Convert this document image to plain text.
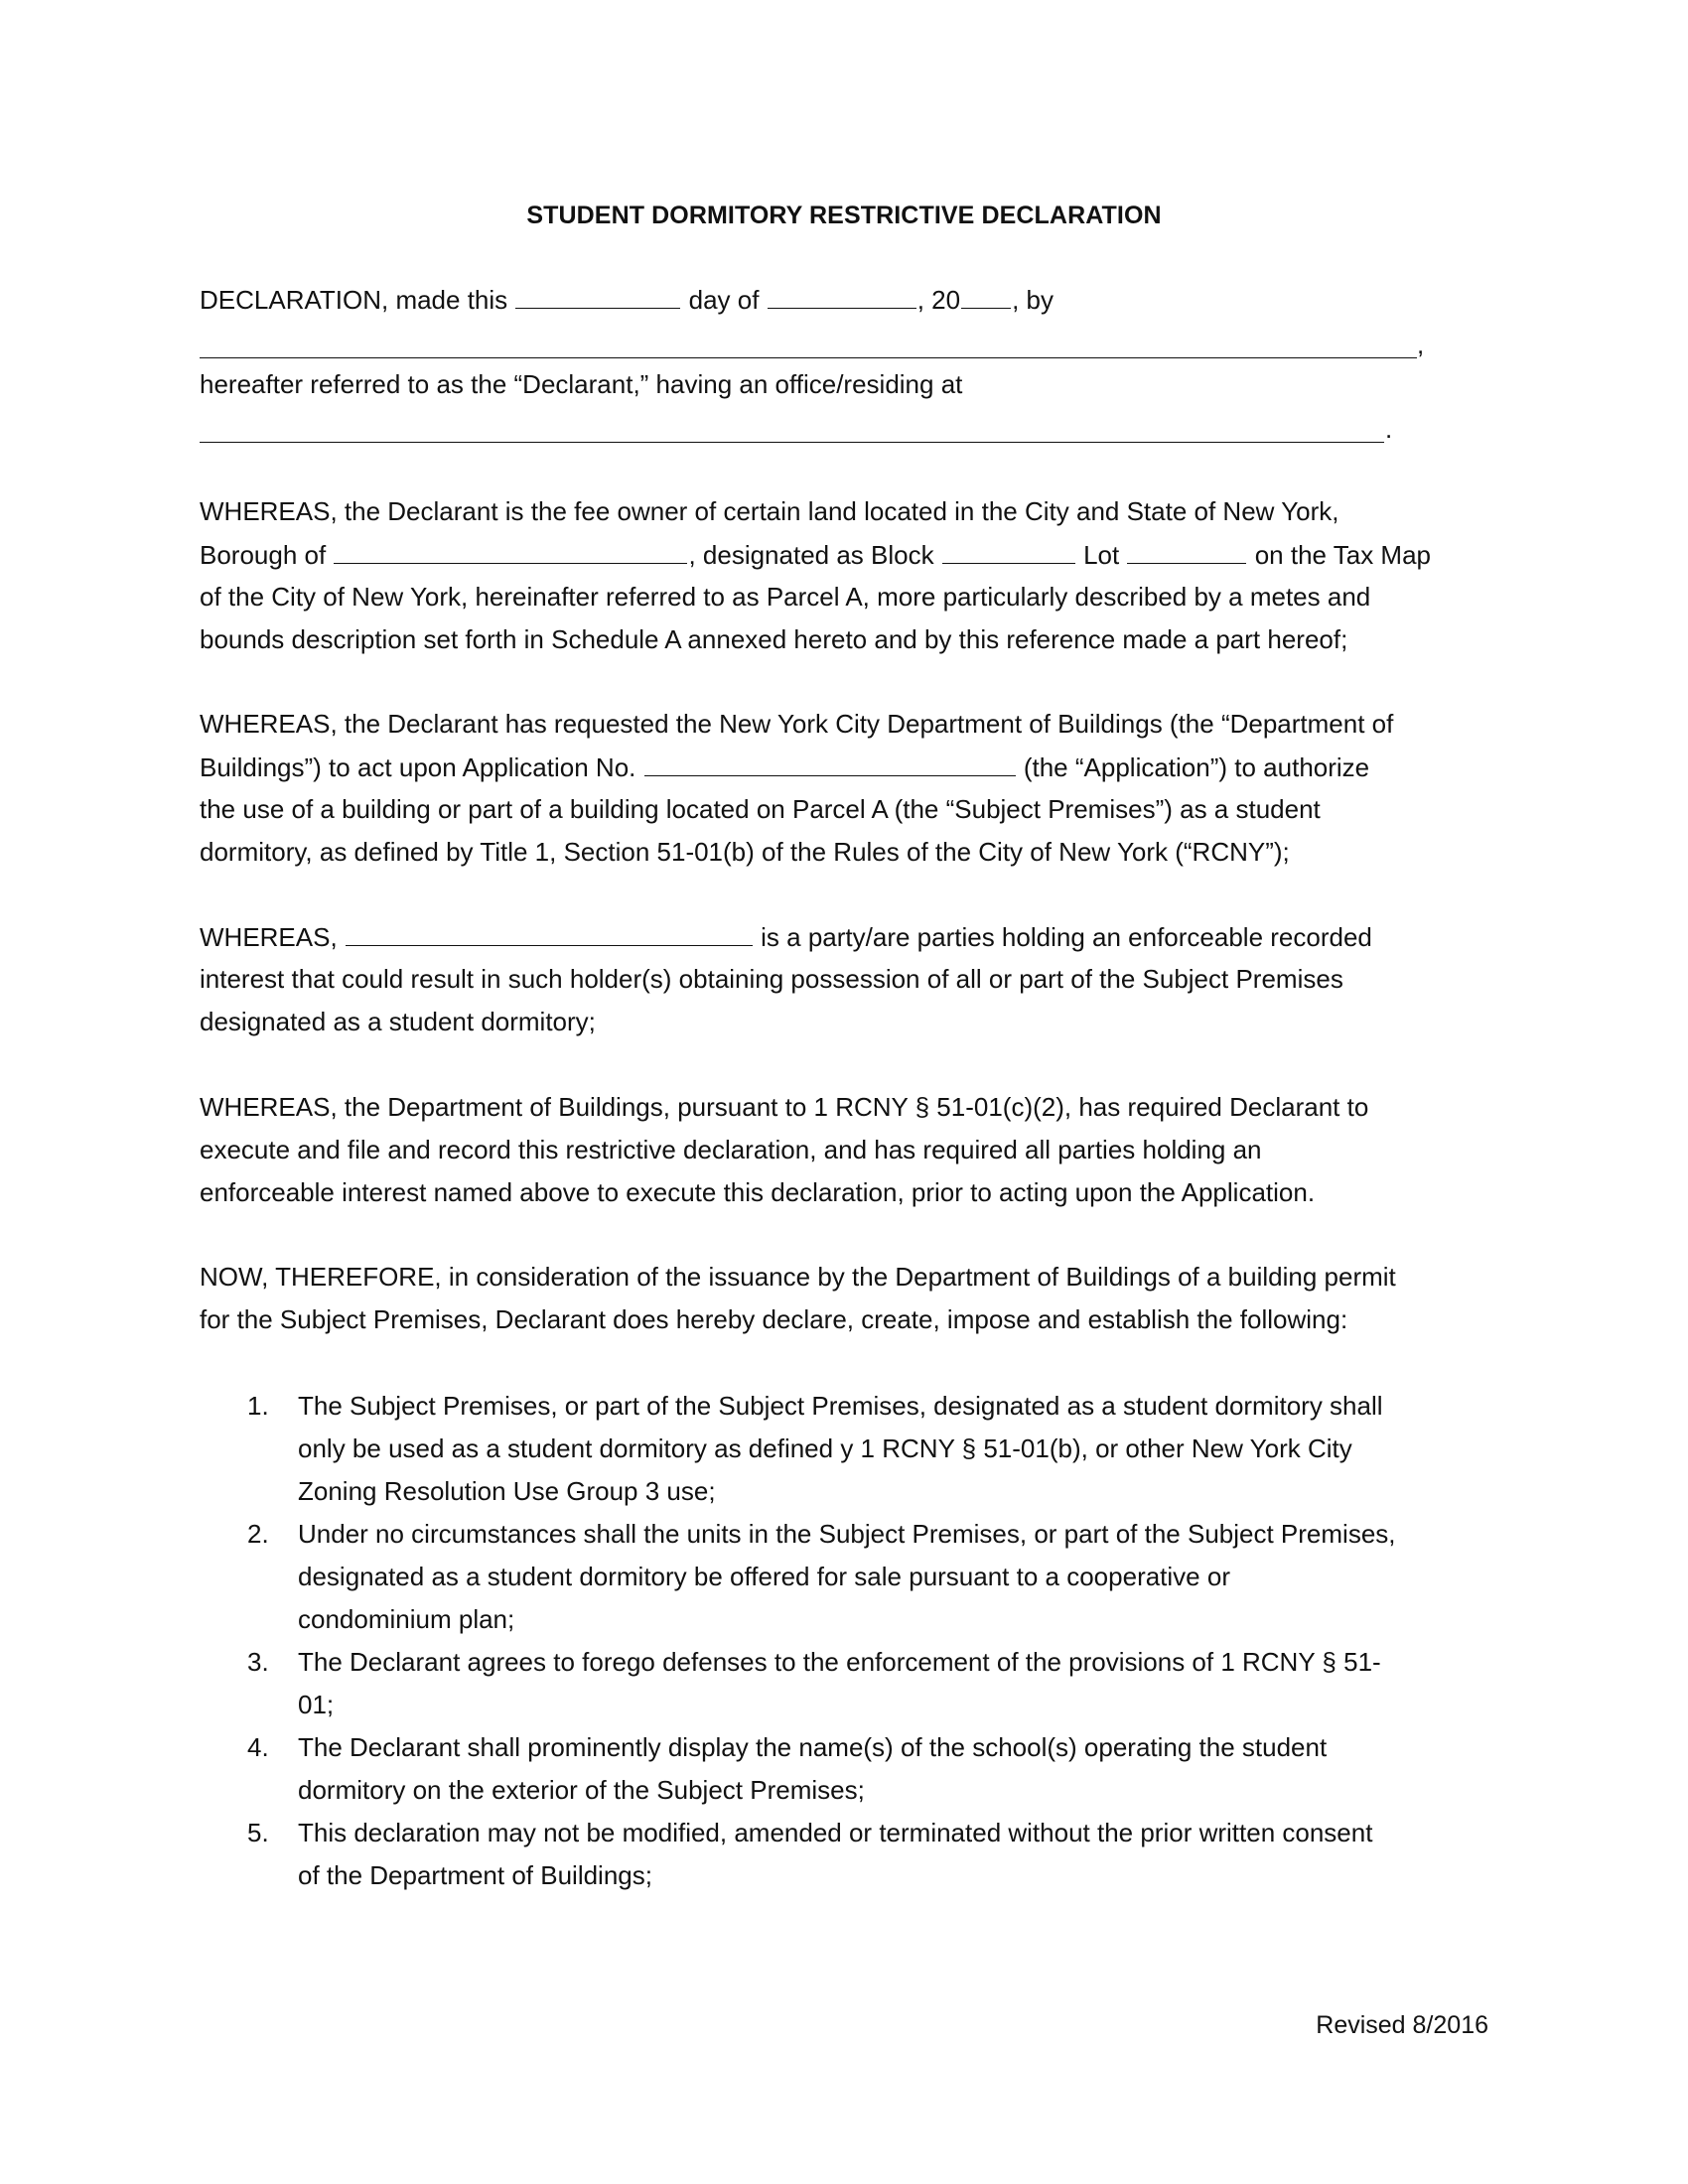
STUDENT DORMITORY RESTRICTIVE DECLARATION
DECLARATION, made this	day of	, 20 , by
,
hereafter referred to as the “Declarant,” having an office/residing at
.
WHEREAS, the Declarant is the fee owner of certain land located in the City and State of New York,
Borough of	, designated as Block	Lot	on the Tax Map
of the City of New York, hereinafter referred to as Parcel A, more particularly described by a metes and
bounds description set forth in Schedule A annexed hereto and by this reference made a part hereof;
WHEREAS, the Declarant has requested the New York City Department of Buildings (the “Department of
Buildings”) to act upon Application No.	(the “Application”) to authorize
the use of a building or part of a building located on Parcel A (the “Subject Premises”) as a student
dormitory, as defined by Title 1, Section 51-01(b) of the Rules of the City of New York (“RCNY”);
WHEREAS,	is a party/are parties holding an enforceable recorded
interest that could result in such holder(s) obtaining possession of all or part of the Subject Premises
designated as a student dormitory;
WHEREAS, the Department of Buildings, pursuant to 1 RCNY § 51-01(c)(2), has required Declarant to
execute and file and record this restrictive declaration, and has required all parties holding an
enforceable interest named above to execute this declaration, prior to acting upon the Application.
NOW, THEREFORE, in consideration of the issuance by the Department of Buildings of a building permit
for the Subject Premises, Declarant does hereby declare, create, impose and establish the following:
1. The Subject Premises, or part of the Subject Premises, designated as a student dormitory shall
only be used as a student dormitory as defined y 1 RCNY § 51-01(b), or other New York City
Zoning Resolution Use Group 3 use;
2. Under no circumstances shall the units in the Subject Premises, or part of the Subject Premises,
designated as a student dormitory be offered for sale pursuant to a cooperative or
condominium plan;
3. The Declarant agrees to forego defenses to the enforcement of the provisions of 1 RCNY § 51-
01;
4. The Declarant shall prominently display the name(s) of the school(s) operating the student
dormitory on the exterior of the Subject Premises;
5. This declaration may not be modified, amended or terminated without the prior written consent
of the Department of Buildings;
Revised 8/2016
